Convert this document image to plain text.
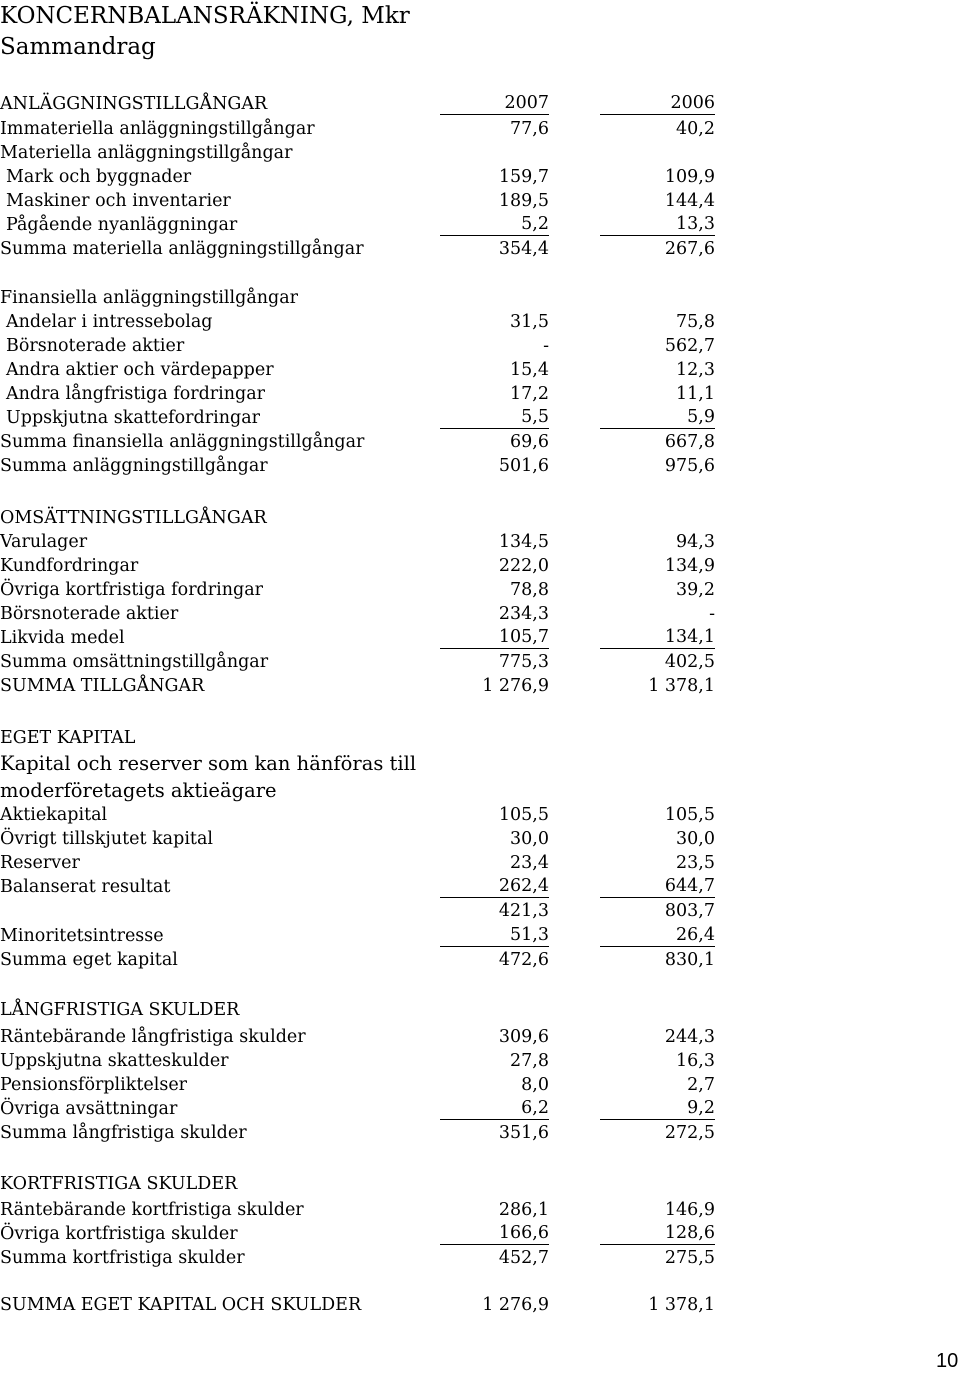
KONCERNBALANSRÄKNING, Mkr
Sammandrag
ANLÄGGNINGSTILLGÅNGAR	2007	2006
Immateriella anläggningstillgångar	77,6	40,2
Materiella anläggningstillgångar
Mark och byggnader	159,7	109,9
Maskiner och inventarier	189,5	144,4
Pågående nyanläggningar	5,2	13,3
Summa materiella anläggningstillgångar	354,4	267,6
Finansiella anläggningstillgångar
Andelar i intressebolag	31,5	75,8
Börsnoterade aktier	-	562,7
Andra aktier och värdepapper	15,4	12,3
Andra långfristiga fordringar	17,2	11,1
Uppskjutna skattefordringar	5,5	5,9
Summa finansiella anläggningstillgångar	69,6	667,8
Summa anläggningstillgångar	501,6	975,6
OMSÄTTNINGSTILLGÅNGAR
Varulager	134,5	94,3
Kundfordringar	222,0	134,9
Övriga kortfristiga fordringar	78,8	39,2
Börsnoterade aktier	234,3	-
Likvida medel	105,7	134,1
Summa omsättningstillgångar	775,3	402,5
SUMMA TILLGÅNGAR	1 276,9	1 378,1
EGET KAPITAL
Kapital och reserver som kan hänföras till
moderföretagets aktieägare
Aktiekapital	105,5	105,5
Övrigt tillskjutet kapital	30,0	30,0
Reserver	23,4	23,5
Balanserat resultat	262,4	644,7
421,3	803,7
Minoritetsintresse	51,3	26,4
Summa eget kapital	472,6	830,1
LÅNGFRISTIGA SKULDER
Räntebärande långfristiga skulder	309,6	244,3
Uppskjutna skatteskulder	27,8	16,3
Pensionsförpliktelser	8,0	2,7
Övriga avsättningar	6,2	9,2
Summa långfristiga skulder	351,6	272,5
KORTFRISTIGA SKULDER
Räntebärande kortfristiga skulder	286,1	146,9
Övriga kortfristiga skulder	166,6	128,6
Summa kortfristiga skulder	452,7	275,5
SUMMA EGET KAPITAL OCH SKULDER	1 276,9	1 378,1
10
